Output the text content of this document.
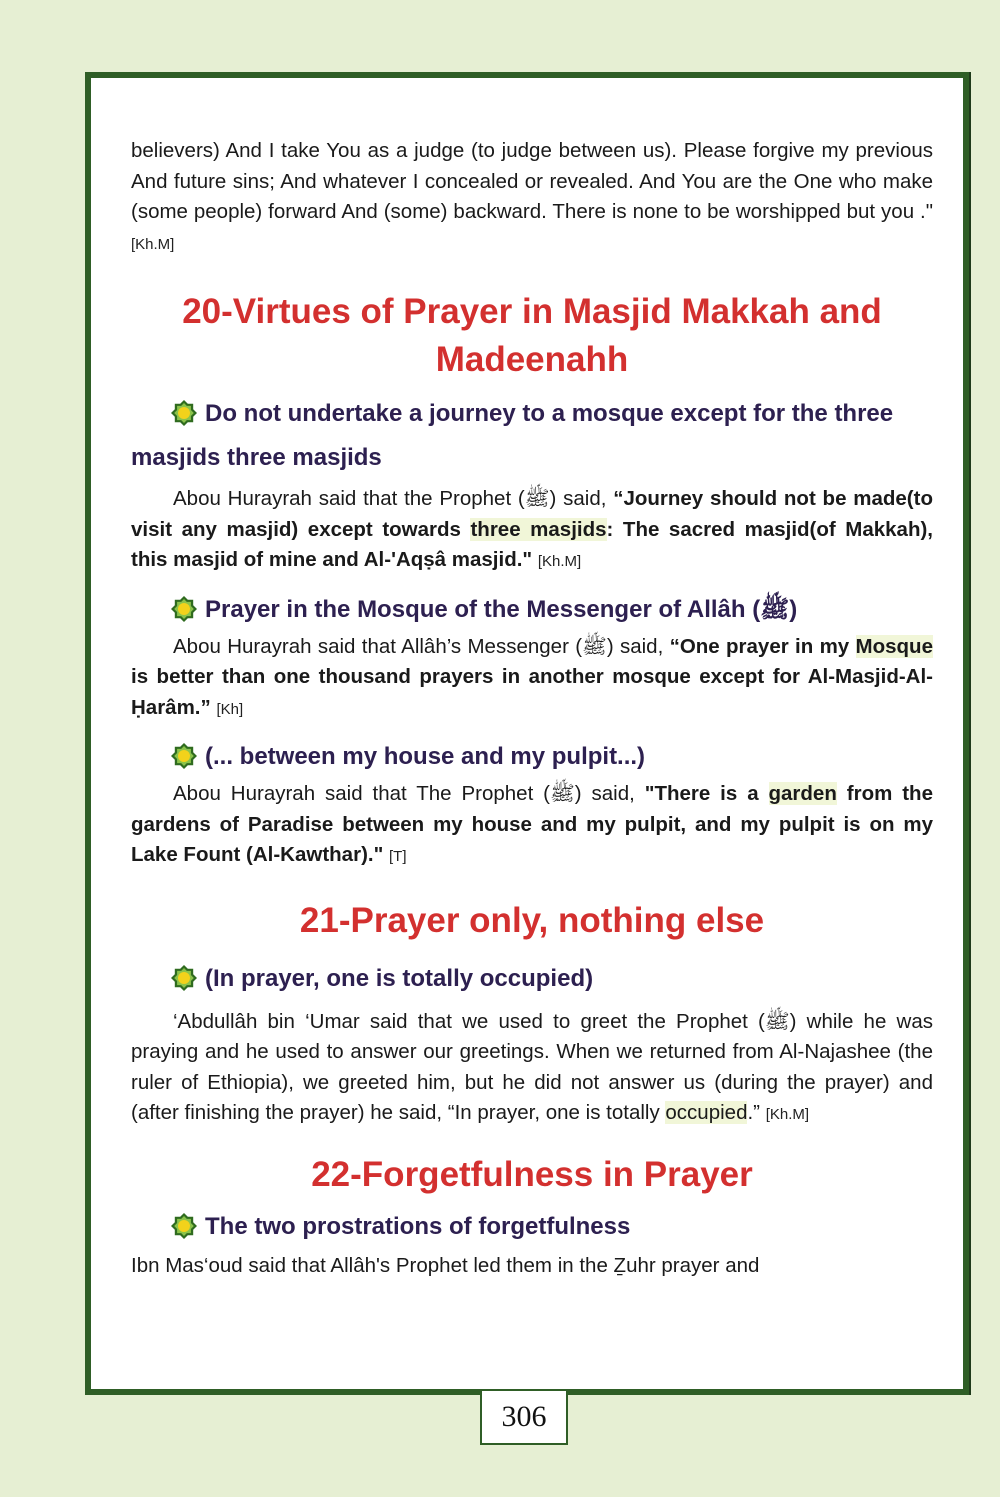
believers) And I take You as a judge (to judge between us). Please forgive my previous And future sins; And whatever I concealed or revealed. And You are the One who make (some people) forward And (some) backward. There is none to be worshipped but you ." [Kh.M]

20-Virtues of Prayer in Masjid Makkah and Madeenahh
Do not undertake a journey to a mosque except for the three masjids three masjids

Abou Hurayrah said that the Prophet (ﷺ) said, “Journey should not be made(to visit any masjid) except towards three masjids: The sacred masjid(of Makkah), this masjid of mine and Al-'Aqṣâ masjid." [Kh.M]

Prayer in the Mosque of the Messenger of Allâh (ﷺ)

Abou Hurayrah said that Allâh’s Messenger (ﷺ) said, “One prayer in my Mosque is better than one thousand prayers in another mosque except for Al-Masjid-Al-Ḥarâm.” [Kh]

(... between my house and my pulpit...)

Abou Hurayrah said that The Prophet (ﷺ) said, "There is a garden from the gardens of Paradise between my house and my pulpit, and my pulpit is on my Lake Fount (Al-Kawthar)." [T]

21-Prayer only, nothing else
(In prayer, one is totally occupied)

‘Abdullâh bin ‘Umar said that we used to greet the Prophet (ﷺ) while he was praying and he used to answer our greetings. When we returned from Al-Najashee (the ruler of Ethiopia), we greeted him, but he did not answer us (during the prayer) and (after finishing the prayer) he said, “In prayer, one is totally occupied.” [Kh.M]

22-Forgetfulness in Prayer
The two prostrations of forgetfulness

Ibn Mas‘oud said that Allâh's Prophet led them in the Ẕuhr prayer and

306
